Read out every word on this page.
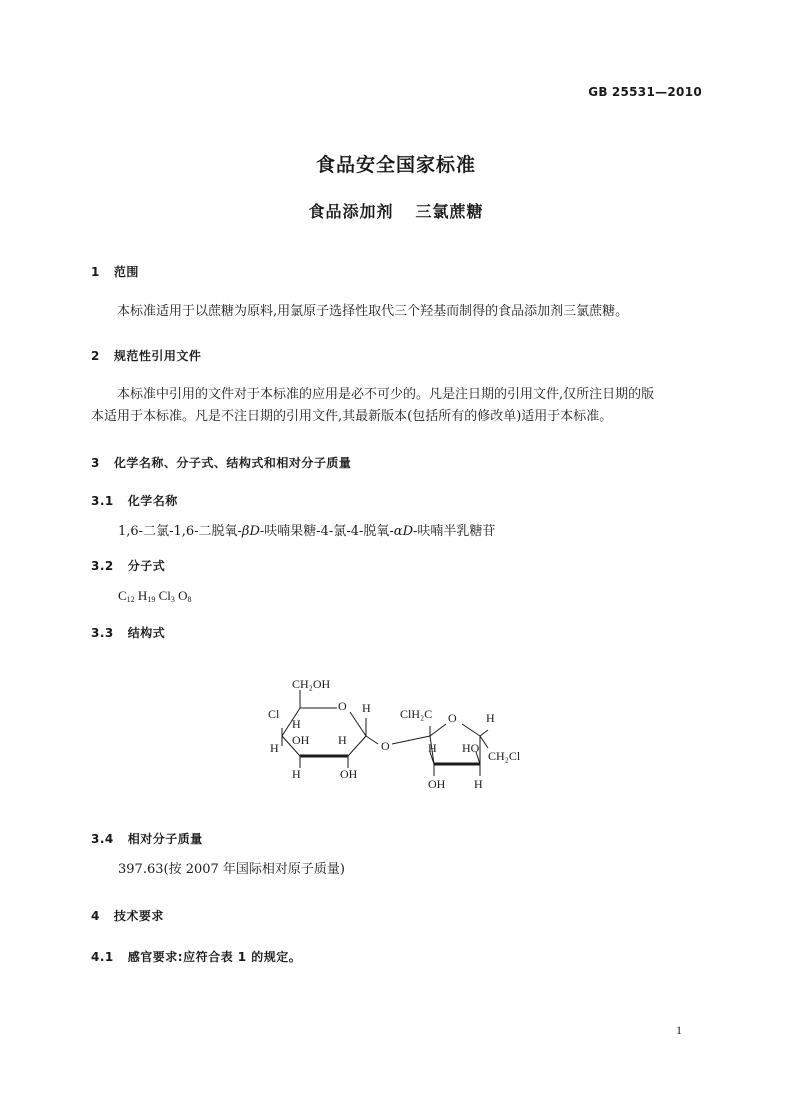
GB 25531—2010
食品安全国家标准
食品添加剂 三氯蔗糖
1 范围
本标准适用于以蔗糖为原料,用氯原子选择性取代三个羟基而制得的食品添加剂三氯蔗糖。
2 规范性引用文件
本标准中引用的文件对于本标准的应用是必不可少的。凡是注日期的引用文件,仅所注日期的版
本适用于本标准。凡是不注日期的引用文件,其最新版本(包括所有的修改单)适用于本标准。
3 化学名称、分子式、结构式和相对分子质量
3.1 化学名称
1,6-二氯-1,6-二脱氧-βD-呋喃果糖-4-氯-4-脱氧-αD-呋喃半乳糖苷
3.2 分子式
$C_{12}$ $H_{19}$ $Cl_3$ $O_8$
3.3 结构式
CH₂OH
O H
Cl
H
H
OH H
H	OH
O
ClH₂C O H
H HO
CH₂Cl
OH H
3.4 相对分子质量
397.63(按 2007 年国际相对原子质量)
4 技术要求
4.1 感官要求:应符合表 1 的规定。
1
